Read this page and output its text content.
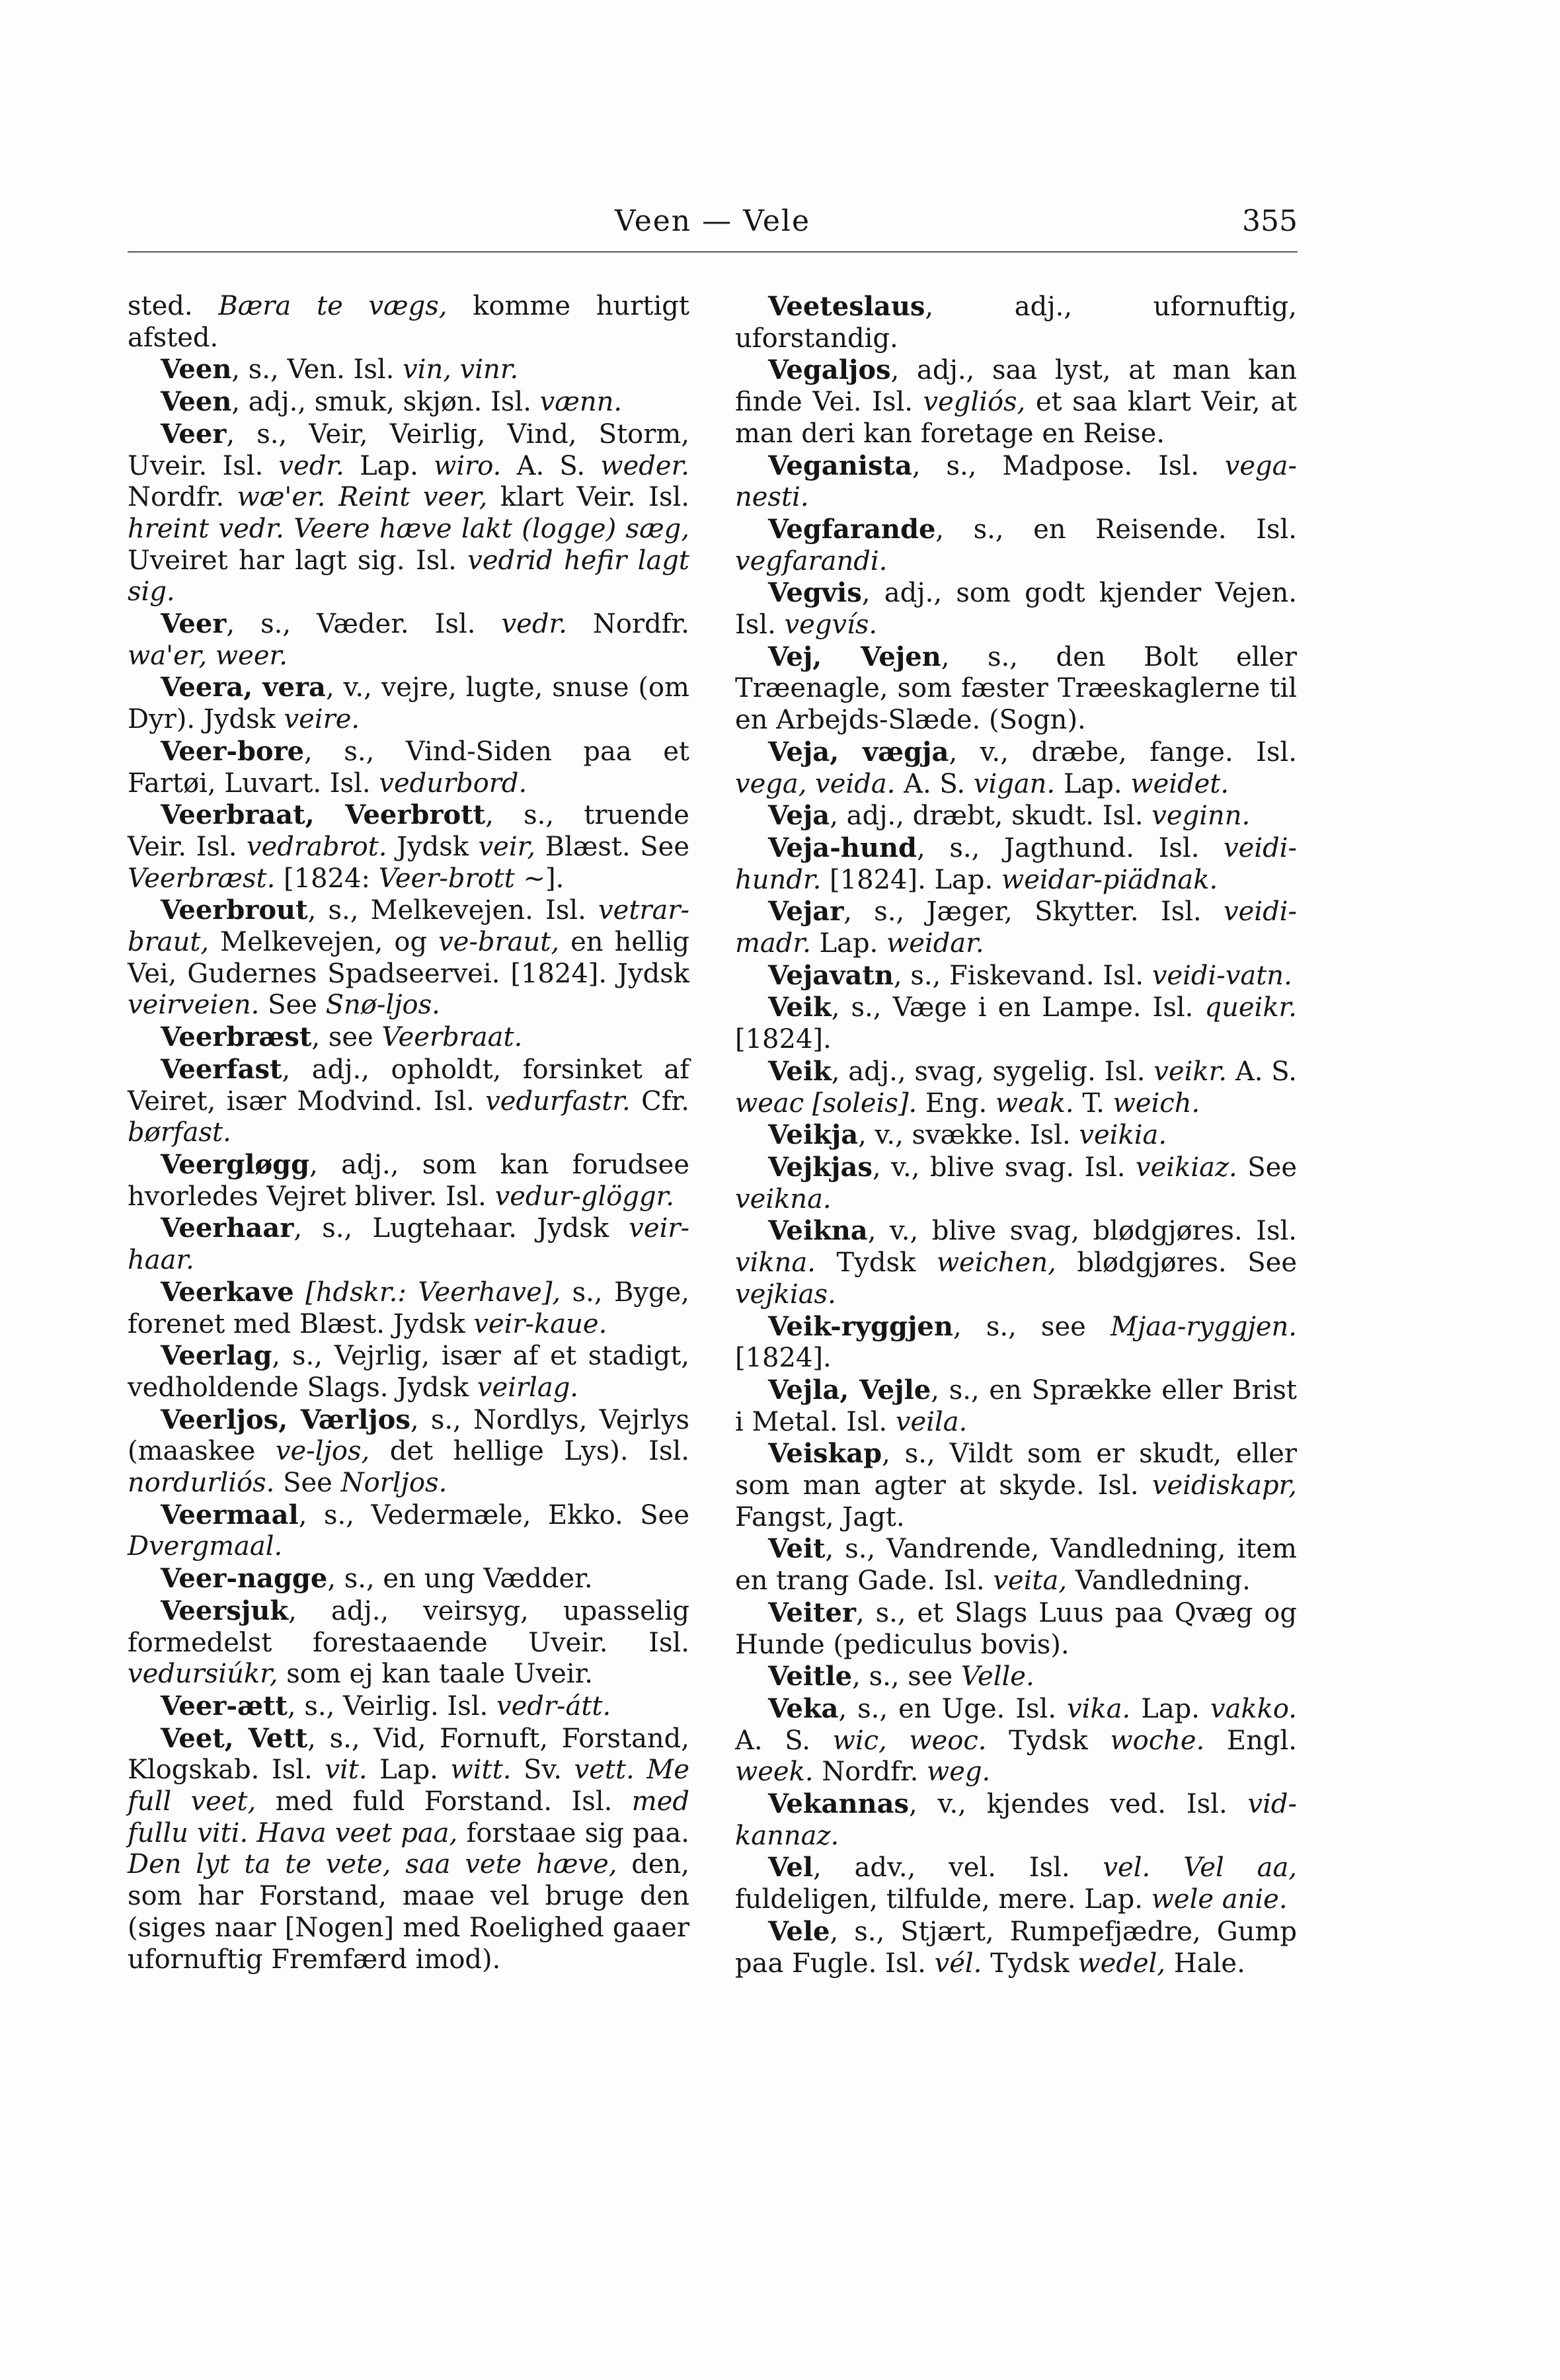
Veen — Vele	355

sted. Bæra te vægs, komme hurtigt afsted.

Veen, s., Ven. Isl. vin, vinr.

Veen, adj., smuk, skjøn. Isl. vænn.

Veer, s., Veir, Veirlig, Vind, Storm, Uveir. Isl. vedr. Lap. wiro. A. S. weder. Nordfr. wæ'er. Reint veer, klart Veir. Isl. hreint vedr. Veere hæve lakt (logge) sæg, Uveiret har lagt sig. Isl. vedrid hefir lagt sig.

Veer, s., Væder. Isl. vedr. Nordfr. wa'er, weer.

Veera, vera, v., vejre, lugte, snuse (om Dyr). Jydsk veire.

Veer-bore, s., Vind-Siden paa et Fartøi, Luvart. Isl. vedurbord.

Veerbraat, Veerbrott, s., truende Veir. Isl. vedrabrot. Jydsk veir, Blæst. See Veerbræst. [1824: Veer-brott ~].

Veerbrout, s., Melkevejen. Isl. vetrar-braut, Melkevejen, og ve-braut, en hellig Vei, Gudernes Spadseervei. [1824]. Jydsk veirveien. See Snø-ljos.

Veerbræst, see Veerbraat.

Veerfast, adj., opholdt, forsinket af Veiret, især Modvind. Isl. vedurfastr. Cfr. børfast.

Veergløgg, adj., som kan forudsee hvorledes Vejret bliver. Isl. vedur-glöggr.

Veerhaar, s., Lugtehaar. Jydsk veir-haar.

Veerkave [hdskr.: Veerhave], s., Byge, forenet med Blæst. Jydsk veir-kaue.

Veerlag, s., Vejrlig, især af et stadigt, vedholdende Slags. Jydsk veirlag.

Veerljos, Værljos, s., Nordlys, Vejrlys (maaskee ve-ljos, det hellige Lys). Isl. nordurliós. See Norljos.

Veermaal, s., Vedermæle, Ekko. See Dvergmaal.

Veer-nagge, s., en ung Vædder.

Veersjuk, adj., veirsyg, upasselig formedelst forestaaende Uveir. Isl. vedursiúkr, som ej kan taale Uveir.

Veer-ætt, s., Veirlig. Isl. vedr-átt.

Veet, Vett, s., Vid, Fornuft, Forstand, Klogskab. Isl. vit. Lap. witt. Sv. vett. Me full veet, med fuld Forstand. Isl. med fullu viti. Hava veet paa, forstaae sig paa. Den lyt ta te vete, saa vete hæve, den, som har Forstand, maae vel bruge den (siges naar [Nogen] med Roelighed gaaer ufornuftig Fremfærd imod).

Veeteslaus, adj., ufornuftig, uforstandig.

Vegaljos, adj., saa lyst, at man kan finde Vei. Isl. vegliós, et saa klart Veir, at man deri kan foretage en Reise.

Veganista, s., Madpose. Isl. vega-nesti.

Vegfarande, s., en Reisende. Isl. vegfarandi.

Vegvis, adj., som godt kjender Vejen. Isl. vegvís.

Vej, Vejen, s., den Bolt eller Træenagle, som fæster Træeskaglerne til en Arbejds-Slæde. (Sogn).

Veja, vægja, v., dræbe, fange. Isl. vega, veida. A. S. vigan. Lap. weidet.

Veja, adj., dræbt, skudt. Isl. veginn.

Veja-hund, s., Jagthund. Isl. veidi-hundr. [1824]. Lap. weidar-piädnak.

Vejar, s., Jæger, Skytter. Isl. veidi-madr. Lap. weidar.

Vejavatn, s., Fiskevand. Isl. veidi-vatn.

Veik, s., Væge i en Lampe. Isl. queikr. [1824].

Veik, adj., svag, sygelig. Isl. veikr. A. S. weac [soleis]. Eng. weak. T. weich.

Veikja, v., svække. Isl. veikia.

Vejkjas, v., blive svag. Isl. veikiaz. See veikna.

Veikna, v., blive svag, blødgjøres. Isl. vikna. Tydsk weichen, blødgjøres. See vejkias.

Veik-ryggjen, s., see Mjaa-ryggjen. [1824].

Vejla, Vejle, s., en Sprække eller Brist i Metal. Isl. veila.

Veiskap, s., Vildt som er skudt, eller som man agter at skyde. Isl. veidiskapr, Fangst, Jagt.

Veit, s., Vandrende, Vandledning, item en trang Gade. Isl. veita, Vandledning.

Veiter, s., et Slags Luus paa Qvæg og Hunde (pediculus bovis).

Veitle, s., see Velle.

Veka, s., en Uge. Isl. vika. Lap. vakko. A. S. wic, weoc. Tydsk woche. Engl. week. Nordfr. weg.

Vekannas, v., kjendes ved. Isl. vid-kannaz.

Vel, adv., vel. Isl. vel. Vel aa, fuldeligen, tilfulde, mere. Lap. wele anie.

Vele, s., Stjært, Rumpefjædre, Gump paa Fugle. Isl. vél. Tydsk wedel, Hale.
